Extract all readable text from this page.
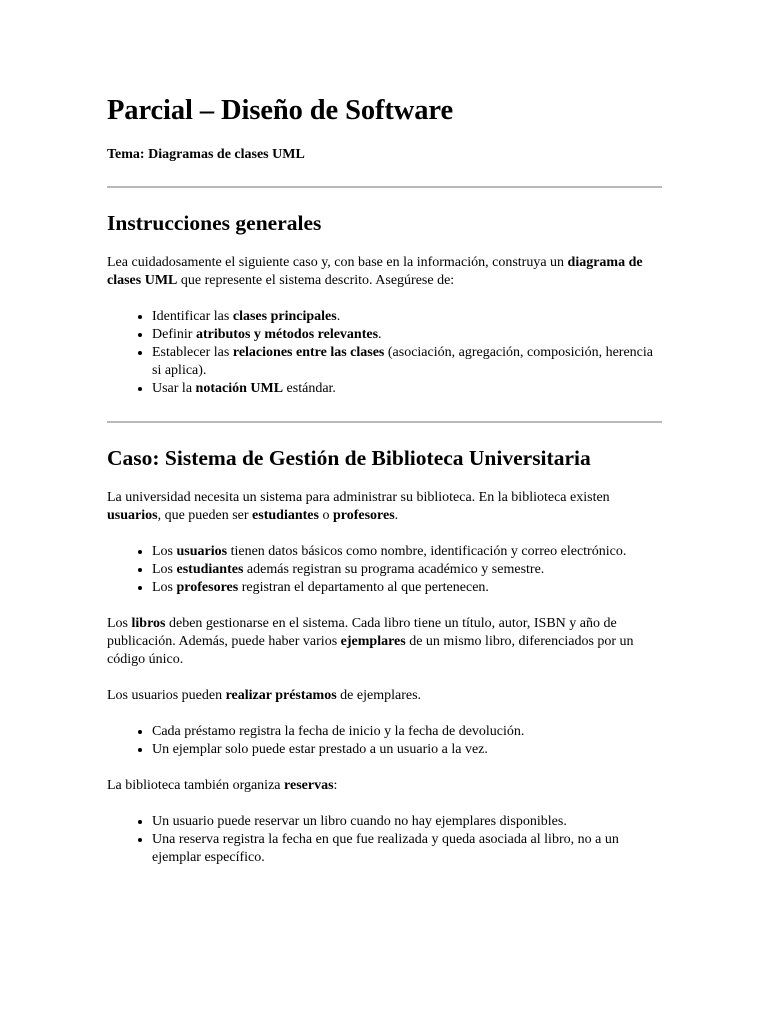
Parcial – Diseño de Software
Tema: Diagramas de clases UML
Instrucciones generales

Lea cuidadosamente el siguiente caso y, con base en la información, construya un diagrama de clases UML que represente el sistema descrito. Asegúrese de:

• Identificar las clases principales.
• Definir atributos y métodos relevantes.
• Establecer las relaciones entre las clases (asociación, agregación, composición, herencia si aplica).
• Usar la notación UML estándar.
Caso: Sistema de Gestión de Biblioteca Universitaria

La universidad necesita un sistema para administrar su biblioteca. En la biblioteca existen usuarios, que pueden ser estudiantes o profesores.

• Los usuarios tienen datos básicos como nombre, identificación y correo electrónico.
• Los estudiantes además registran su programa académico y semestre.
• Los profesores registran el departamento al que pertenecen.

Los libros deben gestionarse en el sistema. Cada libro tiene un título, autor, ISBN y año de publicación. Además, puede haber varios ejemplares de un mismo libro, diferenciados por un código único.

Los usuarios pueden realizar préstamos de ejemplares.

• Cada préstamo registra la fecha de inicio y la fecha de devolución.
• Un ejemplar solo puede estar prestado a un usuario a la vez.

La biblioteca también organiza reservas:

• Un usuario puede reservar un libro cuando no hay ejemplares disponibles.
• Una reserva registra la fecha en que fue realizada y queda asociada al libro, no a un ejemplar específico.
